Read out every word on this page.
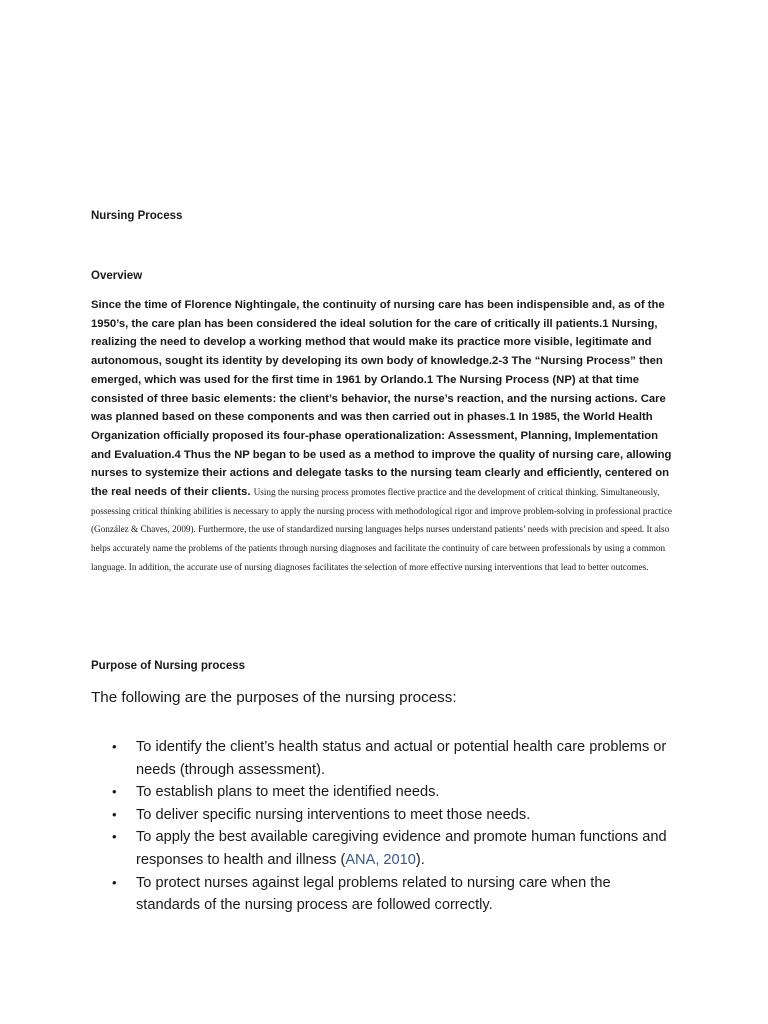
Nursing Process
Overview

Since the time of Florence Nightingale, the continuity of nursing care has been indispensible and, as of the 1950’s, the care plan has been considered the ideal solution for the care of critically ill patients.1 Nursing, realizing the need to develop a working method that would make its practice more visible, legitimate and autonomous, sought its identity by developing its own body of knowledge.2-3 The “Nursing Process” then emerged, which was used for the first time in 1961 by Orlando.1 The Nursing Process (NP) at that time consisted of three basic elements: the client’s behavior, the nurse’s reaction, and the nursing actions. Care was planned based on these components and was then carried out in phases.1 In 1985, the World Health Organization officially proposed its four-phase operationalization: Assessment, Planning, Implementation and Evaluation.4 Thus the NP began to be used as a method to improve the quality of nursing care, allowing nurses to systemize their actions and delegate tasks to the nursing team clearly and efficiently, centered on the real needs of their clients. Using the nursing process promotes flective practice and the development of critical thinking. Simultaneously, possessing critical thinking abilities is necessary to apply the nursing process with methodological rigor and improve problem-solving in professional practice (González & Chaves, 2009). Furthermore, the use of standardized nursing languages helps nurses understand patients’ needs with precision and speed. It also helps accurately name the problems of the patients through nursing diagnoses and facilitate the continuity of care between professionals by using a common language. In addition, the accurate use of nursing diagnoses facilitates the selection of more effective nursing interventions that lead to better outcomes.

Purpose of Nursing process

The following are the purposes of the nursing process:

• To identify the client’s health status and actual or potential health care problems or needs (through assessment).
• To establish plans to meet the identified needs.
• To deliver specific nursing interventions to meet those needs.
• To apply the best available caregiving evidence and promote human functions and responses to health and illness (ANA, 2010).
• To protect nurses against legal problems related to nursing care when the standards of the nursing process are followed correctly.
